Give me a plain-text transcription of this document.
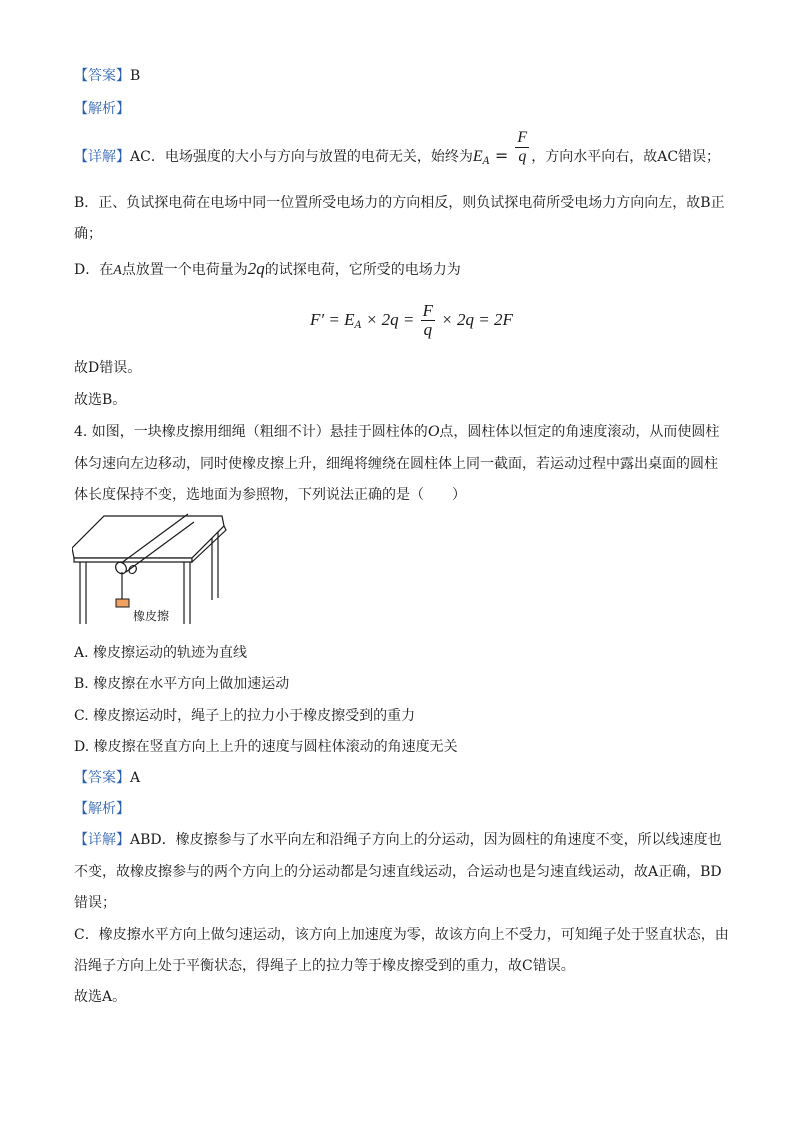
【答案】B
【解析】
【详解】AC．电场强度的大小与方向与放置的电荷无关，始终为$E_A = \frac{F}{q}$ ，方向水平向右，故AC错误；
B．正、负试探电荷在电场中同一位置所受电场力的方向相反，则负试探电荷所受电场力方向向左，故B正
确；
D．在A点放置一个电荷量为2q的试探电荷，它所受的电场力为
$F' = E_A \times 2q = \frac{F}{q} \times 2q = 2F$
故D错误。
故选B。
4. 如图，一块橡皮擦用细绳（粗细不计）悬挂于圆柱体的O点，圆柱体以恒定的角速度滚动，从而使圆柱
体匀速向左边移动，同时使橡皮擦上升，细绳将缠绕在圆柱体上同一截面，若运动过程中露出桌面的圆柱
体长度保持不变，选地面为参照物，下列说法正确的是（　　）
O
橡皮擦
A. 橡皮擦运动的轨迹为直线
B. 橡皮擦在水平方向上做加速运动
C. 橡皮擦运动时，绳子上的拉力小于橡皮擦受到的重力
D. 橡皮擦在竖直方向上上升的速度与圆柱体滚动的角速度无关
【答案】A
【解析】
【详解】ABD．橡皮擦参与了水平向左和沿绳子方向上的分运动，因为圆柱的角速度不变，所以线速度也
不变，故橡皮擦参与的两个方向上的分运动都是匀速直线运动，合运动也是匀速直线运动，故A正确，BD
错误；
C．橡皮擦水平方向上做匀速运动，该方向上加速度为零，故该方向上不受力，可知绳子处于竖直状态，由
沿绳子方向上处于平衡状态，得绳子上的拉力等于橡皮擦受到的重力，故C错误。
故选A。
